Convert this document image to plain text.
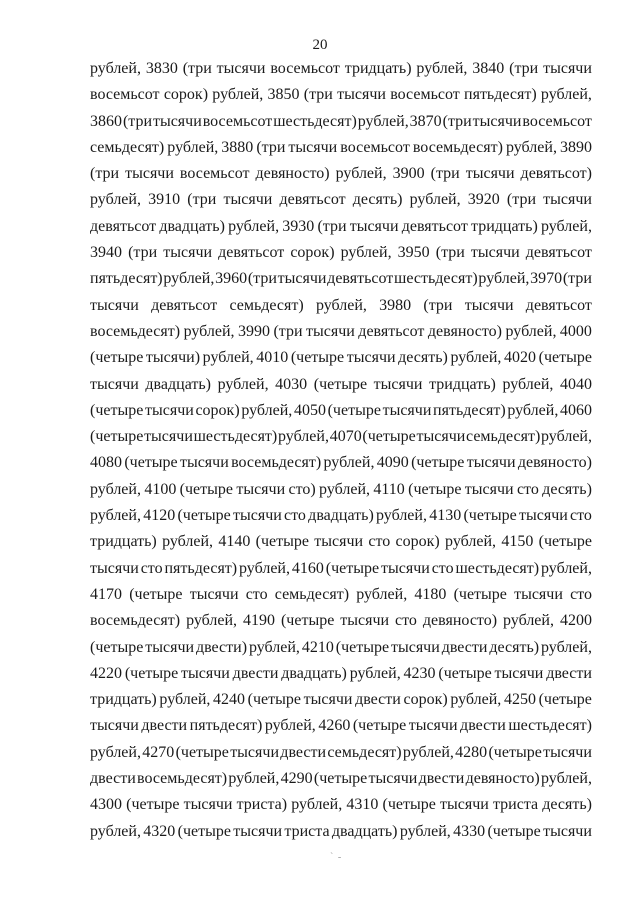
20
рублей, 3830 (три тысячи восемьсот тридцать) рублей, 3840 (три тысячи
восемьсот сорок) рублей, 3850 (три тысячи восемьсот пятьдесят) рублей,
3860 (три тысячи восемьсот шестьдесят) рублей, 3870 (три тысячи восемьсот
семьдесят) рублей, 3880 (три тысячи восемьсот восемьдесят) рублей, 3890
(три тысячи восемьсот девяносто) рублей, 3900 (три тысячи девятьсот)
рублей, 3910 (три тысячи девятьсот десять) рублей, 3920 (три тысячи
девятьсот двадцать) рублей, 3930 (три тысячи девятьсот тридцать) рублей,
3940 (три тысячи девятьсот сорок) рублей, 3950 (три тысячи девятьсот
пятьдесят) рублей, 3960 (три тысячи девятьсот шестьдесят) рублей, 3970 (три
тысячи девятьсот семьдесят) рублей, 3980 (три тысячи девятьсот
восемьдесят) рублей, 3990 (три тысячи девятьсот девяносто) рублей, 4000
(четыре тысячи) рублей, 4010 (четыре тысячи десять) рублей, 4020 (четыре
тысячи двадцать) рублей, 4030 (четыре тысячи тридцать) рублей, 4040
(четыре тысячи сорок) рублей, 4050 (четыре тысячи пятьдесят) рублей, 4060
(четыре тысячи шестьдесят) рублей, 4070 (четыре тысячи семьдесят) рублей,
4080 (четыре тысячи восемьдесят) рублей, 4090 (четыре тысячи девяносто)
рублей, 4100 (четыре тысячи сто) рублей, 4110 (четыре тысячи сто десять)
рублей, 4120 (четыре тысячи сто двадцать) рублей, 4130 (четыре тысячи сто
тридцать) рублей, 4140 (четыре тысячи сто сорок) рублей, 4150 (четыре
тысячи сто пятьдесят) рублей, 4160 (четыре тысячи сто шестьдесят) рублей,
4170 (четыре тысячи сто семьдесят) рублей, 4180 (четыре тысячи сто
восемьдесят) рублей, 4190 (четыре тысячи сто девяносто) рублей, 4200
(четыре тысячи двести) рублей, 4210 (четыре тысячи двести десять) рублей,
4220 (четыре тысячи двести двадцать) рублей, 4230 (четыре тысячи двести
тридцать) рублей, 4240 (четыре тысячи двести сорок) рублей, 4250 (четыре
тысячи двести пятьдесят) рублей, 4260 (четыре тысячи двести шестьдесят)
рублей, 4270 (четыре тысячи двести семьдесят) рублей, 4280 (четыре тысячи
двести восемьдесят) рублей, 4290 (четыре тысячи двести девяносто) рублей,
4300 (четыре тысячи триста) рублей, 4310 (четыре тысячи триста десять)
рублей, 4320 (четыре тысячи триста двадцать) рублей, 4330 (четыре тысячи
` -
